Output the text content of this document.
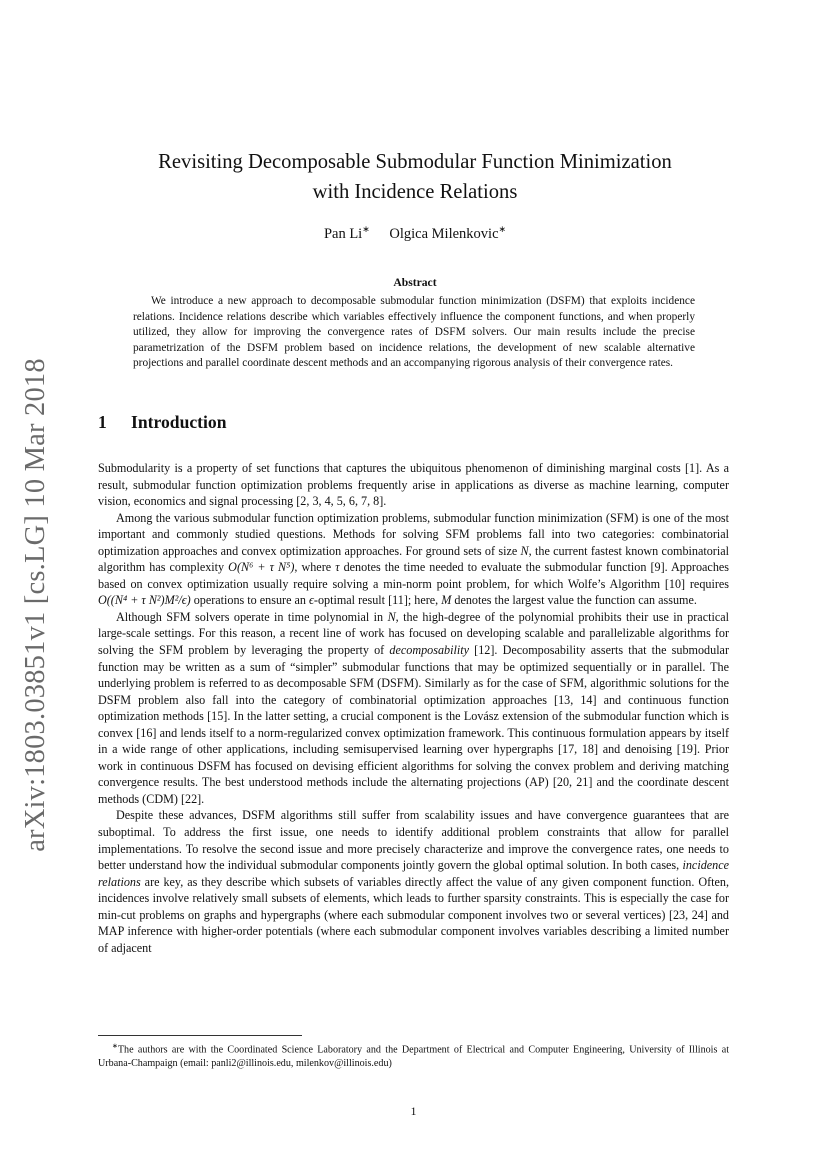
arXiv:1803.03851v1 [cs.LG] 10 Mar 2018
Revisiting Decomposable Submodular Function Minimization
with Incidence Relations
Pan Li∗ Olgica Milenkovic∗
Abstract
We introduce a new approach to decomposable submodular function minimization (DSFM) that exploits incidence relations. Incidence relations describe which variables effectively influence the component functions, and when properly utilized, they allow for improving the convergence rates of DSFM solvers. Our main results include the precise parametrization of the DSFM problem based on incidence relations, the development of new scalable alternative projections and parallel coordinate descent methods and an accompanying rigorous analysis of their convergence rates.
1 Introduction

Submodularity is a property of set functions that captures the ubiquitous phenomenon of diminishing marginal costs [1]. As a result, submodular function optimization problems frequently arise in applications as diverse as machine learning, computer vision, economics and signal processing [2, 3, 4, 5, 6, 7, 8].

Among the various submodular function optimization problems, submodular function minimization (SFM) is one of the most important and commonly studied questions. Methods for solving SFM problems fall into two categories: combinatorial optimization approaches and convex optimization approaches. For ground sets of size N, the current fastest known combinatorial algorithm has complexity O(N⁶ + τ N⁵), where τ denotes the time needed to evaluate the submodular function [9]. Approaches based on convex optimization usually require solving a min-norm point problem, for which Wolfe’s Algorithm [10] requires O((N⁴ + τ N²)M²/ϵ) operations to ensure an ϵ-optimal result [11]; here, M denotes the largest value the function can assume.

Although SFM solvers operate in time polynomial in N, the high-degree of the polynomial prohibits their use in practical large-scale settings. For this reason, a recent line of work has focused on developing scalable and parallelizable algorithms for solving the SFM problem by leveraging the property of decomposability [12]. Decomposability asserts that the submodular function may be written as a sum of “simpler” submodular functions that may be optimized sequentially or in parallel. The underlying problem is referred to as decomposable SFM (DSFM). Similarly as for the case of SFM, algorithmic solutions for the DSFM problem also fall into the category of combinatorial optimization approaches [13, 14] and continuous function optimization methods [15]. In the latter setting, a crucial component is the Lovász extension of the submodular function which is convex [16] and lends itself to a norm-regularized convex optimization framework. This continuous formulation appears by itself in a wide range of other applications, including semisupervised learning over hypergraphs [17, 18] and denoising [19]. Prior work in continuous DSFM has focused on devising efficient algorithms for solving the convex problem and deriving matching convergence results. The best understood methods include the alternating projections (AP) [20, 21] and the coordinate descent methods (CDM) [22].

Despite these advances, DSFM algorithms still suffer from scalability issues and have convergence guarantees that are suboptimal. To address the first issue, one needs to identify additional problem constraints that allow for parallel implementations. To resolve the second issue and more precisely characterize and improve the convergence rates, one needs to better understand how the individual submodular components jointly govern the global optimal solution. In both cases, incidence relations are key, as they describe which subsets of variables directly affect the value of any given component function. Often, incidences involve relatively small subsets of elements, which leads to further sparsity constraints. This is especially the case for min-cut problems on graphs and hypergraphs (where each submodular component involves two or several vertices) [23, 24] and MAP inference with higher-order potentials (where each submodular component involves variables describing a limited number of adjacent

∗The authors are with the Coordinated Science Laboratory and the Department of Electrical and Computer Engineering, University of Illinois at Urbana-Champaign (email: panli2@illinois.edu, milenkov@illinois.edu)
1
